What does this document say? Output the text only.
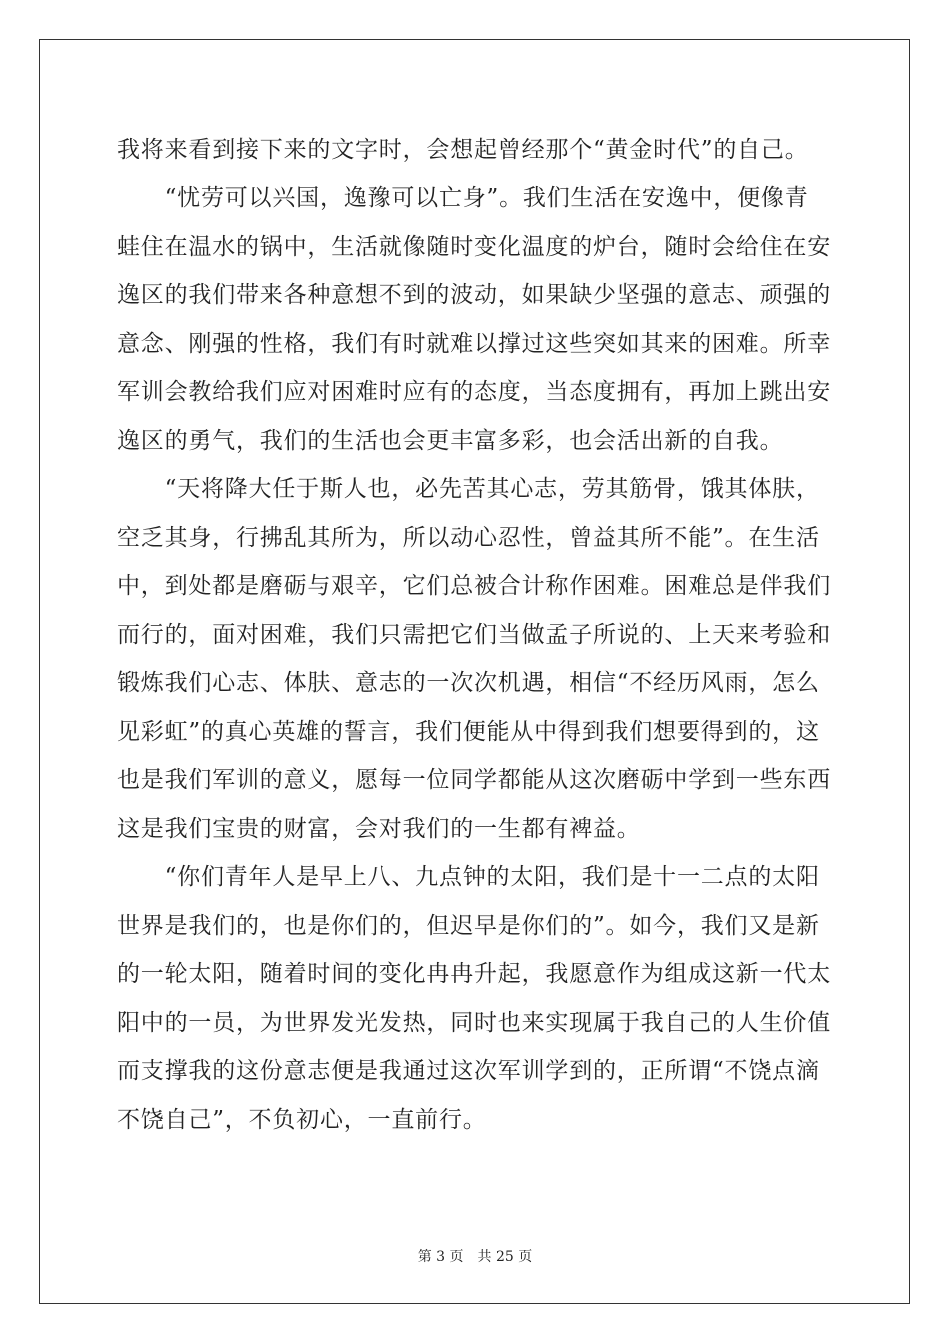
我将来看到接下来的文字时，会想起曾经那个“黄金时代”的自己。
　　“忧劳可以兴国，逸豫可以亡身”。我们生活在安逸中，便像青
蛙住在温水的锅中，生活就像随时变化温度的炉台，随时会给住在安
逸区的我们带来各种意想不到的波动，如果缺少坚强的意志、顽强的
意念、刚强的性格，我们有时就难以撑过这些突如其来的困难。所幸
军训会教给我们应对困难时应有的态度，当态度拥有，再加上跳出安
逸区的勇气，我们的生活也会更丰富多彩，也会活出新的自我。
　　“天将降大任于斯人也，必先苦其心志，劳其筋骨，饿其体肤，
空乏其身，行拂乱其所为，所以动心忍性，曾益其所不能”。在生活
中，到处都是磨砺与艰辛，它们总被合计称作困难。困难总是伴我们
而行的，面对困难，我们只需把它们当做孟子所说的、上天来考验和
锻炼我们心志、体肤、意志的一次次机遇，相信“不经历风雨，怎么
见彩虹”的真心英雄的誓言，我们便能从中得到我们想要得到的，这
也是我们军训的意义，愿每一位同学都能从这次磨砺中学到一些东西
这是我们宝贵的财富，会对我们的一生都有裨益。
　　“你们青年人是早上八、九点钟的太阳，我们是十一二点的太阳
世界是我们的，也是你们的，但迟早是你们的”。如今，我们又是新
的一轮太阳，随着时间的变化冉冉升起，我愿意作为组成这新一代太
阳中的一员，为世界发光发热，同时也来实现属于我自己的人生价值
而支撑我的这份意志便是我通过这次军训学到的，正所谓“不饶点滴
不饶自己”，不负初心，一直前行。
第 3 页　共 25 页
